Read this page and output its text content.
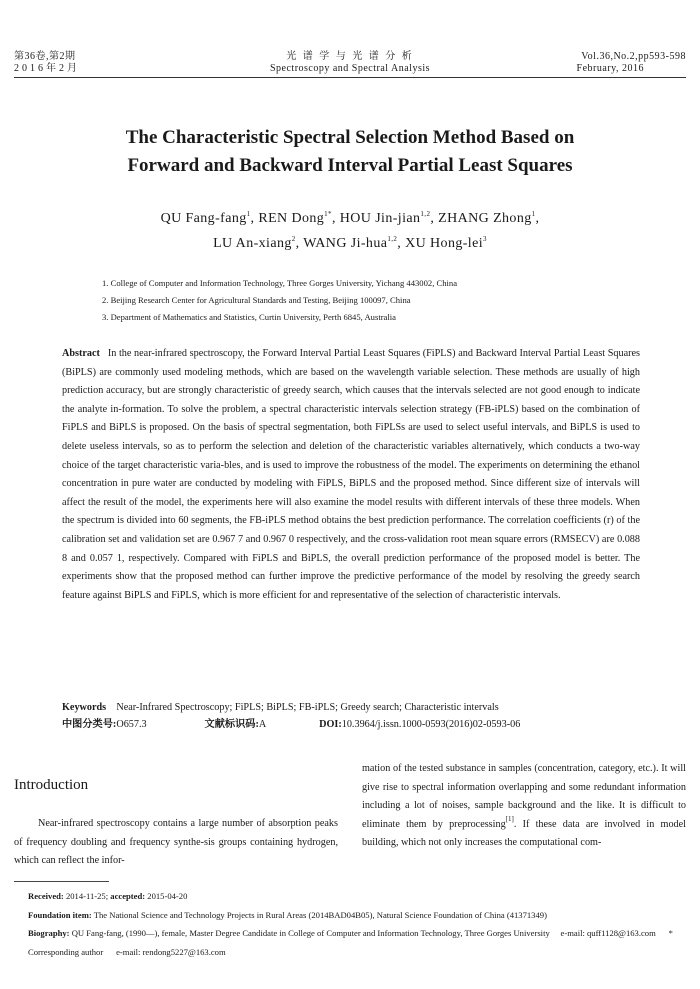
第36卷,第2期
2016年2月
光 谱 学 与 光 谱 分 析
Spectroscopy and Spectral Analysis
Vol.36,No.2,pp593-598
February, 2016
The Characteristic Spectral Selection Method Based on
Forward and Backward Interval Partial Least Squares
QU Fang-fang$^1$, REN Dong$^{1*}$, HOU Jin-jian$^{1,2}$, ZHANG Zhong$^1$,
LU An-xiang$^2$, WANG Ji-hua$^{1,2}$, XU Hong-lei$^3$
1. College of Computer and Information Technology, Three Gorges University, Yichang 443002, China
2. Beijing Research Center for Agricultural Standards and Testing, Beijing 100097, China
3. Department of Mathematics and Statistics, Curtin University, Perth 6845, Australia
Abstract In the near-infrared spectroscopy, the Forward Interval Partial Least Squares (FiPLS) and Backward Interval Partial Least Squares (BiPLS) are commonly used modeling methods, which are based on the wavelength variable selection. These methods are usually of high prediction accuracy, but are strongly characteristic of greedy search, which causes that the intervals selected are not good enough to indicate the analyte in-formation. To solve the problem, a spectral characteristic intervals selection strategy (FB-iPLS) based on the combination of FiPLS and BiPLS is proposed. On the basis of spectral segmentation, both FiPLSs are used to select useful intervals, and BiPLS is used to delete useless intervals, so as to perform the selection and deletion of the characteristic variables alternatively, which conducts a two-way choice of the target characteristic varia-bles, and is used to improve the robustness of the model. The experiments on determining the ethanol concentration in pure water are conducted by modeling with FiPLS, BiPLS and the proposed method. Since different size of intervals will affect the result of the model, the experiments here will also examine the model results with different intervals of these three models. When the spectrum is divided into 60 segments, the FB-iPLS method obtains the best prediction performance. The correlation coefficients (r) of the calibration set and validation set are 0.967 7 and 0.967 0 respectively, and the cross-validation root mean square errors (RMSECV) are 0.088 8 and 0.057 1, respectively. Compared with FiPLS and BiPLS, the overall prediction performance of the proposed model is better. The experiments show that the proposed method can further improve the predictive performance of the model by resolving the greedy search feature against BiPLS and FiPLS, which is more efficient for and representative of the selection of characteristic intervals.
Keywords Near-Infrared Spectroscopy; FiPLS; BiPLS; FB-iPLS; Greedy search; Characteristic intervals
中图分类号:O657.3	文献标识码:A	DOI:10.3964/j.issn.1000-0593(2016)02-0593-06
Introduction
Near-infrared spectroscopy contains a large number of absorption peaks of frequency doubling and frequency synthe-sis groups containing hydrogen, which can reflect the infor-
mation of the tested substance in samples (concentration, category, etc.). It will give rise to spectral information overlapping and some redundant information including a lot of noises, sample background and the like. It is difficult to eliminate them by preprocessing[1]. If these data are involved in model building, which not only increases the computational com-
Received: 2014-11-25; accepted: 2015-04-20
Foundation item: The National Science and Technology Projects in Rural Areas (2014BAD04B05), Natural Science Foundation of China (41371349)
Biography: QU Fang-fang, (1990—), female, Master Degree Candidate in College of Computer and Information Technology, Three Gorges University e-mail: quff1128@163.com * Corresponding author e-mail: rendong5227@163.com
